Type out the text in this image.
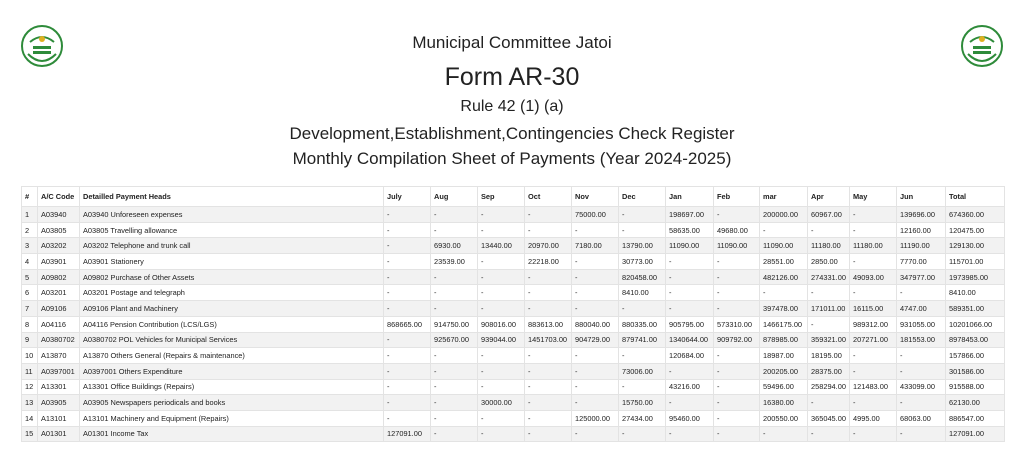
Municipal Committee Jatoi
Form AR-30
Rule 42 (1) (a)
Development,Establishment,Contingencies Check Register
Monthly Compilation Sheet of Payments (Year 2024-2025)
#	A/C Code	Detailled Payment Heads	July	Aug	Sep	Oct	Nov	Dec	Jan	Feb	mar	Apr	May	Jun	Total
1	A03940	A03940 Unforeseen expenses	-	-	-	-	75000.00	-	198697.00	-	200000.00	60967.00	-	139696.00	674360.00
2	A03805	A03805 Travelling allowance	-	-	-	-	-	-	58635.00	49680.00	-	-	-	12160.00	120475.00
3	A03202	A03202 Telephone and trunk call	-	6930.00	13440.00	20970.00	7180.00	13790.00	11090.00	11090.00	11090.00	11180.00	11180.00	11190.00	129130.00
4	A03901	A03901 Stationery	-	23539.00	-	22218.00	-	30773.00	-	-	28551.00	2850.00	-	7770.00	115701.00
5	A09802	A09802 Purchase of Other Assets	-	-	-	-	-	820458.00	-	-	482126.00	274331.00	49093.00	347977.00	1973985.00
6	A03201	A03201 Postage and telegraph	-	-	-	-	-	8410.00	-	-	-	-	-	-	8410.00
7	A09106	A09106 Plant and Machinery	-	-	-	-	-	-	-	-	397478.00	171011.00	16115.00	4747.00	589351.00
8	A04116	A04116 Pension Contribution (LCS/LGS)	868665.00	914750.00	908016.00	883613.00	880040.00	880335.00	905795.00	573310.00	1466175.00	-	989312.00	931055.00	10201066.00
9	A0380702	A0380702 POL Vehicles for Municipal Services	-	925670.00	939044.00	1451703.00	904729.00	879741.00	1340644.00	909792.00	878985.00	359321.00	207271.00	181553.00	8978453.00
10	A13870	A13870 Others General (Repairs & maintenance)	-	-	-	-	-	-	120684.00	-	18987.00	18195.00	-	-	157866.00
11	A0397001	A0397001 Others Expenditure	-	-	-	-	-	73006.00	-	-	200205.00	28375.00	-	-	301586.00
12	A13301	A13301 Office Buildings (Repairs)	-	-	-	-	-	-	43216.00	-	59496.00	258294.00	121483.00	433099.00	915588.00
13	A03905	A03905 Newspapers periodicals and books	-	-	30000.00	-	-	15750.00	-	-	16380.00	-	-	-	62130.00
14	A13101	A13101 Machinery and Equipment (Repairs)	-	-	-	-	125000.00	27434.00	95460.00	-	200550.00	365045.00	4995.00	68063.00	886547.00
15	A01301	A01301 Income Tax	127091.00	-	-	-	-	-	-	-	-	-	-	-	127091.00
